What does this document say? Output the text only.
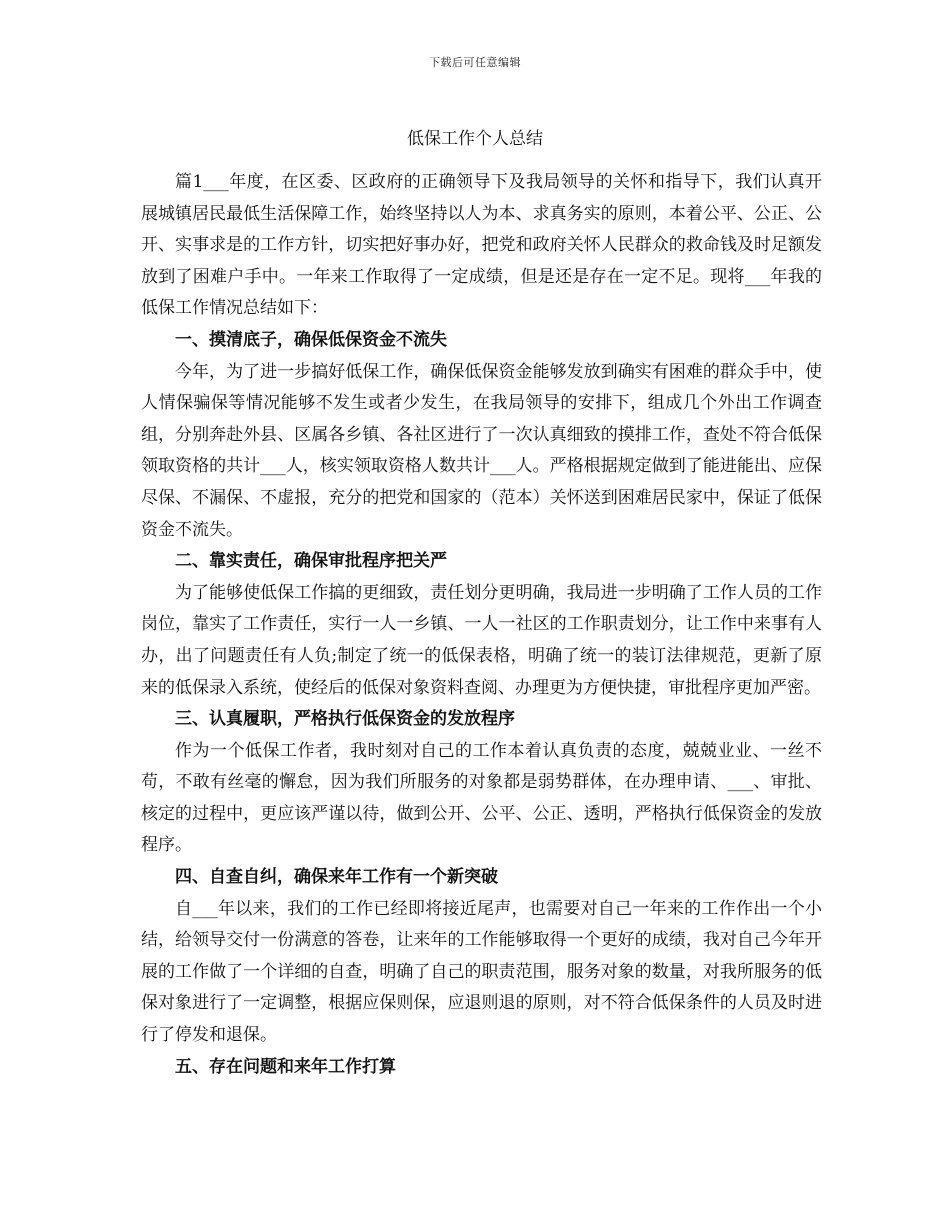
下载后可任意编辑
低保工作个人总结

篇1___年度，在区委、区政府的正确领导下及我局领导的关怀和指导下，我们认真开展城镇居民最低生活保障工作，始终坚持以人为本、求真务实的原则，本着公平、公正、公开、实事求是的工作方针，切实把好事办好，把党和政府关怀人民群众的救命钱及时足额发放到了困难户手中。一年来工作取得了一定成绩，但是还是存在一定不足。现将___年我的低保工作情况总结如下：

一、摸清底子，确保低保资金不流失

今年，为了进一步搞好低保工作，确保低保资金能够发放到确实有困难的群众手中，使人情保骗保等情况能够不发生或者少发生，在我局领导的安排下，组成几个外出工作调查组，分别奔赴外县、区属各乡镇、各社区进行了一次认真细致的摸排工作，查处不符合低保领取资格的共计___人，核实领取资格人数共计___人。严格根据规定做到了能进能出、应保尽保、不漏保、不虚报，充分的把党和国家的（范本）关怀送到困难居民家中，保证了低保资金不流失。

二、靠实责任，确保审批程序把关严

为了能够使低保工作搞的更细致，责任划分更明确，我局进一步明确了工作人员的工作岗位，靠实了工作责任，实行一人一乡镇、一人一社区的工作职责划分，让工作中来事有人办，出了问题责任有人负;制定了统一的低保表格，明确了统一的装订法律规范，更新了原来的低保录入系统，使经后的低保对象资料查阅、办理更为方便快捷，审批程序更加严密。

三、认真履职，严格执行低保资金的发放程序

作为一个低保工作者，我时刻对自己的工作本着认真负责的态度，兢兢业业、一丝不苟，不敢有丝毫的懈怠，因为我们所服务的对象都是弱势群体，在办理申请、___、审批、核定的过程中，更应该严谨以待，做到公开、公平、公正、透明，严格执行低保资金的发放程序。

四、自查自纠，确保来年工作有一个新突破

自___年以来，我们的工作已经即将接近尾声，也需要对自己一年来的工作作出一个小结，给领导交付一份满意的答卷，让来年的工作能够取得一个更好的成绩，我对自己今年开展的工作做了一个详细的自查，明确了自己的职责范围，服务对象的数量，对我所服务的低保对象进行了一定调整，根据应保则保，应退则退的原则，对不符合低保条件的人员及时进行了停发和退保。

五、存在问题和来年工作打算
